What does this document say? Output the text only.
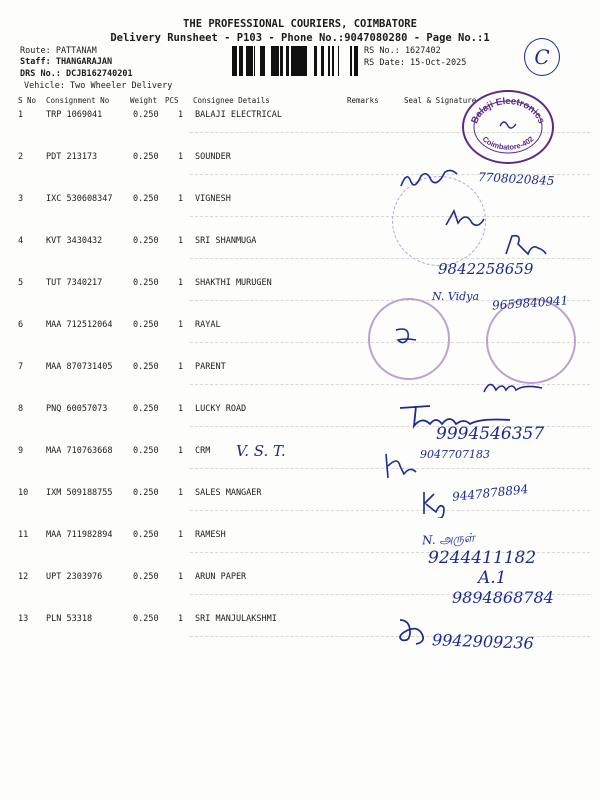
THE PROFESSIONAL COURIERS, COIMBATORE
Delivery Runsheet - P103 - Phone No.:9047080280 - Page No.:1
Route: PATTANAM
Staff: THANGARAJAN
DRS No.: DCJB162740201
Vehicle: Two Wheeler Delivery
RS No.: 1627402
RS Date: 15-Oct-2025	C
S No Consignment No	Weight PCS Consignee Details	Remarks	Seal & Signature
1	TRP 1069041	0.250 1 BALAJI ELECTRICAL
2	PDT 213173	0.250 1 SOUNDER
3	IXC 530608347 0.250 1 VIGNESH
4	KVT 3430432	0.250 1 SRI SHANMUGA
5	TUT 7340217	0.250 1 SHAKTHI MURUGEN
6	MAA 712512064 0.250 1 RAYAL
7	MAA 870731405 0.250 1 PARENT
8	PNQ 60057073	0.250 1 LUCKY ROAD
9	MAA 710763668 0.250 1 CRM
10 IXM 509188755 0.250 1 SALES MANGAER
11 MAA 711982894 0.250 1 RAMESH
12 UPT 2303976	0.250 1 ARUN PAPER
13 PLN 53318	0.250 1 SRI MANJULAKSHMI
Balaji Electronics
Coimbatore-402
V. S. T.
7708020845
9842258659
N. Vidya 9659840941
9994546357
9047707183
9447878894
N. அருள்
9244411182
A.1
9894868784
9942909236
